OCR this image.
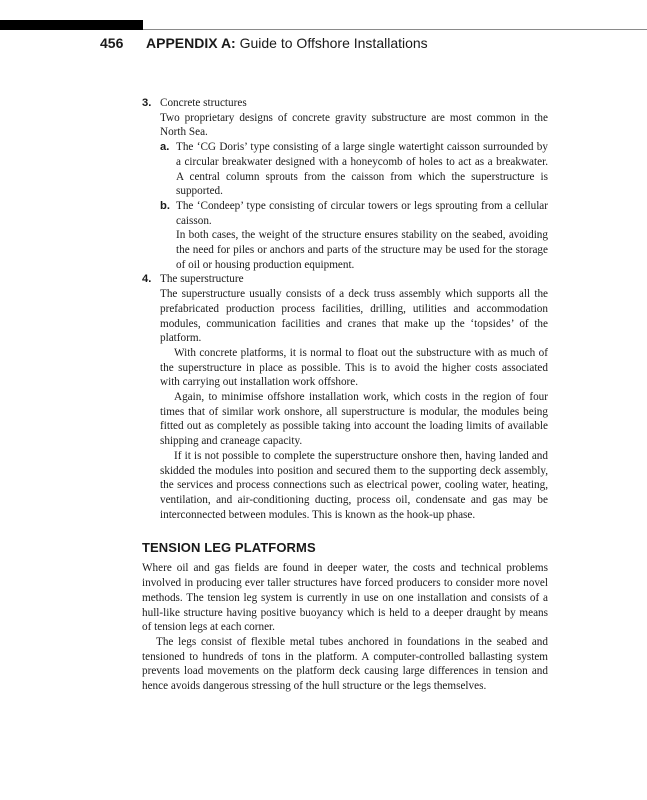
456 APPENDIX A: Guide to Offshore Installations
3. Concrete structures

Two proprietary designs of concrete gravity substructure are most common in the North Sea.

a. The ‘CG Doris’ type consisting of a large single watertight caisson surrounded by a circular breakwater designed with a honeycomb of holes to act as a breakwater. A central column sprouts from the caisson from which the superstructure is supported.

b. The ‘Condeep’ type consisting of circular towers or legs sprouting from a cellular caisson.

In both cases, the weight of the structure ensures stability on the seabed, avoiding the need for piles or anchors and parts of the structure may be used for the storage of oil or housing production equipment.

4. The superstructure

The superstructure usually consists of a deck truss assembly which supports all the prefabricated production process facilities, drilling, utilities and accommodation modules, communication facilities and cranes that make up the ‘topsides’ of the platform.

With concrete platforms, it is normal to float out the substructure with as much of the superstructure in place as possible. This is to avoid the higher costs associated with carrying out installation work offshore.

Again, to minimise offshore installation work, which costs in the region of four times that of similar work onshore, all superstructure is modular, the modules being fitted out as completely as possible taking into account the loading limits of available shipping and craneage capacity.

If it is not possible to complete the superstructure onshore then, having landed and skidded the modules into position and secured them to the supporting deck assembly, the services and process connections such as electrical power, cooling water, heating, ventilation, and air-conditioning ducting, process oil, condensate and gas may be interconnected between modules. This is known as the hook-up phase.

TENSION LEG PLATFORMS

Where oil and gas fields are found in deeper water, the costs and technical problems involved in producing ever taller structures have forced producers to consider more novel methods. The tension leg system is currently in use on one installation and consists of a hull-like structure having positive buoyancy which is held to a deeper draught by means of tension legs at each corner.

The legs consist of flexible metal tubes anchored in foundations in the seabed and tensioned to hundreds of tons in the platform. A computer-controlled ballasting system prevents load movements on the platform deck causing large differences in tension and hence avoids dangerous stressing of the hull structure or the legs themselves.
